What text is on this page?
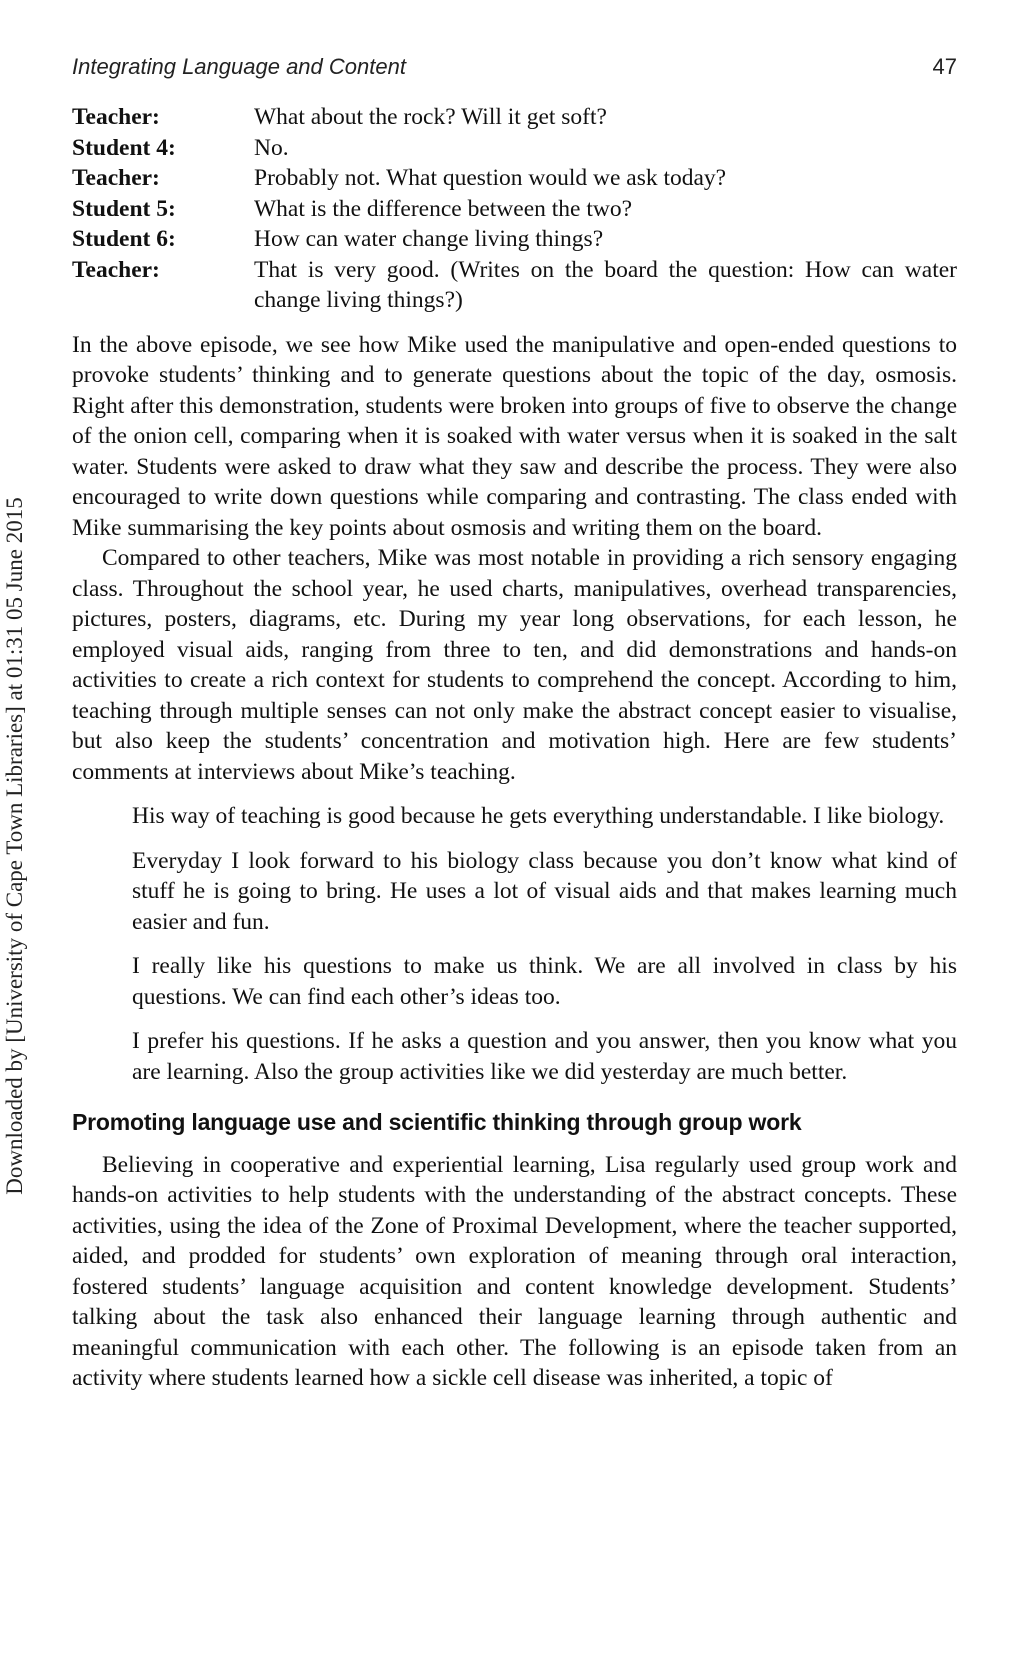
Integrating Language and Content	47
Downloaded by [University of Cape Town Libraries] at 01:31 05 June 2015
Teacher:	What about the rock? Will it get soft?
Student 4:	No.
Teacher:	Probably not. What question would we ask today?
Student 5:	What is the difference between the two?
Student 6:	How can water change living things?
Teacher:	That is very good. (Writes on the board the question: How can water change living things?)

In the above episode, we see how Mike used the manipulative and open-ended questions to provoke students’ thinking and to generate questions about the topic of the day, osmosis. Right after this demonstration, students were broken into groups of five to observe the change of the onion cell, comparing when it is soaked with water versus when it is soaked in the salt water. Students were asked to draw what they saw and describe the process. They were also encouraged to write down questions while comparing and contrasting. The class ended with Mike summarising the key points about osmosis and writing them on the board.

Compared to other teachers, Mike was most notable in providing a rich sensory engaging class. Throughout the school year, he used charts, manipulatives, overhead transparencies, pictures, posters, diagrams, etc. During my year long observations, for each lesson, he employed visual aids, ranging from three to ten, and did demonstrations and hands-on activities to create a rich context for students to comprehend the concept. According to him, teaching through multiple senses can not only make the abstract concept easier to visualise, but also keep the students’ concentration and motivation high. Here are few students’ comments at interviews about Mike’s teaching.

His way of teaching is good because he gets everything understandable. I like biology.

Everyday I look forward to his biology class because you don’t know what kind of stuff he is going to bring. He uses a lot of visual aids and that makes learning much easier and fun.

I really like his questions to make us think. We are all involved in class by his questions. We can find each other’s ideas too.

I prefer his questions. If he asks a question and you answer, then you know what you are learning. Also the group activities like we did yesterday are much better.

Promoting language use and scientific thinking through group work

Believing in cooperative and experiential learning, Lisa regularly used group work and hands-on activities to help students with the understanding of the abstract concepts. These activities, using the idea of the Zone of Proximal Development, where the teacher supported, aided, and prodded for students’ own exploration of meaning through oral interaction, fostered students’ language acquisition and content knowledge development. Students’ talking about the task also enhanced their language learning through authentic and meaningful communication with each other. The following is an episode taken from an activity where students learned how a sickle cell disease was inherited, a topic of
